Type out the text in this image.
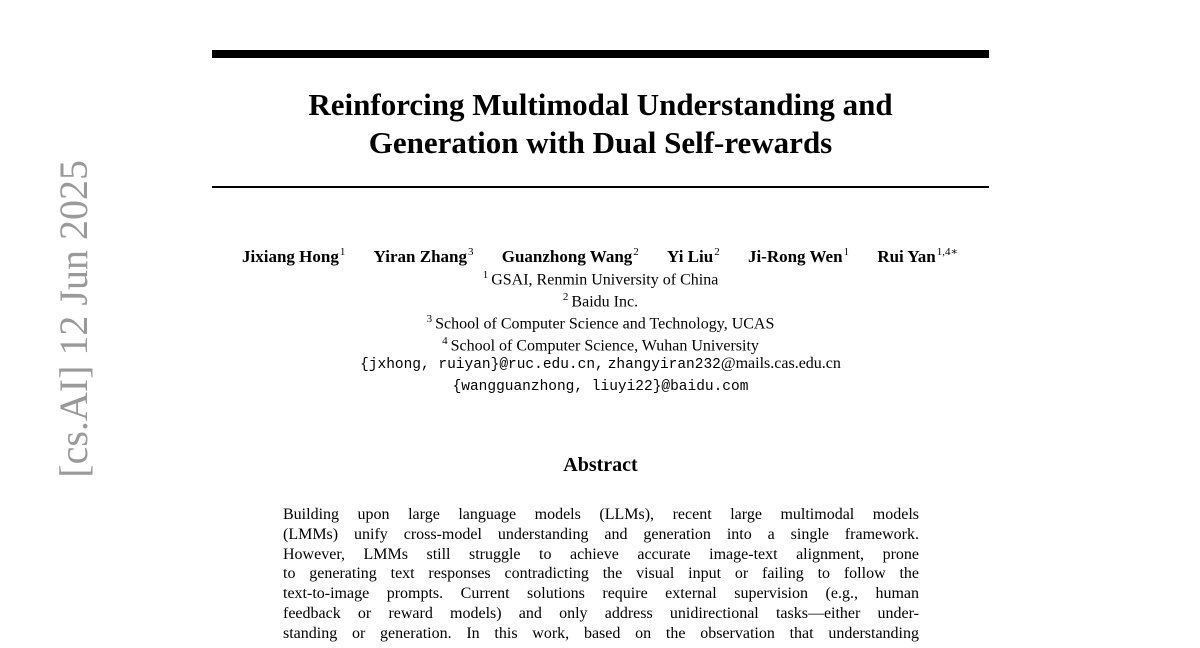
Reinforcing Multimodal Understanding and
Generation with Dual Self-rewards
Jixiang Hong$^1$ Yiran Zhang$^3$ Guanzhong Wang$^2$ Yi Liu$^2$ Ji-Rong Wen$^1$ Rui Yan$^{1,4∗}$
$^1$ GSAI, Renmin University of China
$^2$ Baidu Inc.
$^3$ School of Computer Science and Technology, UCAS
$^4$ School of Computer Science, Wuhan University
{jxhong, ruiyan}@ruc.edu.cn, zhangyiran232@mails.cas.edu.cn
{wangguanzhong, liuyi22}@baidu.com
Abstract
Building upon large language models (LLMs), recent large multimodal models
(LMMs) unify cross-model understanding and generation into a single framework.
However, LMMs still struggle to achieve accurate image-text alignment, prone
to generating text responses contradicting the visual input or failing to follow the
text-to-image prompts. Current solutions require external supervision (e.g., human
feedback or reward models) and only address unidirectional tasks—either under-
standing or generation. In this work, based on the observation that understanding
[cs.AI] 12 Jun 2025
